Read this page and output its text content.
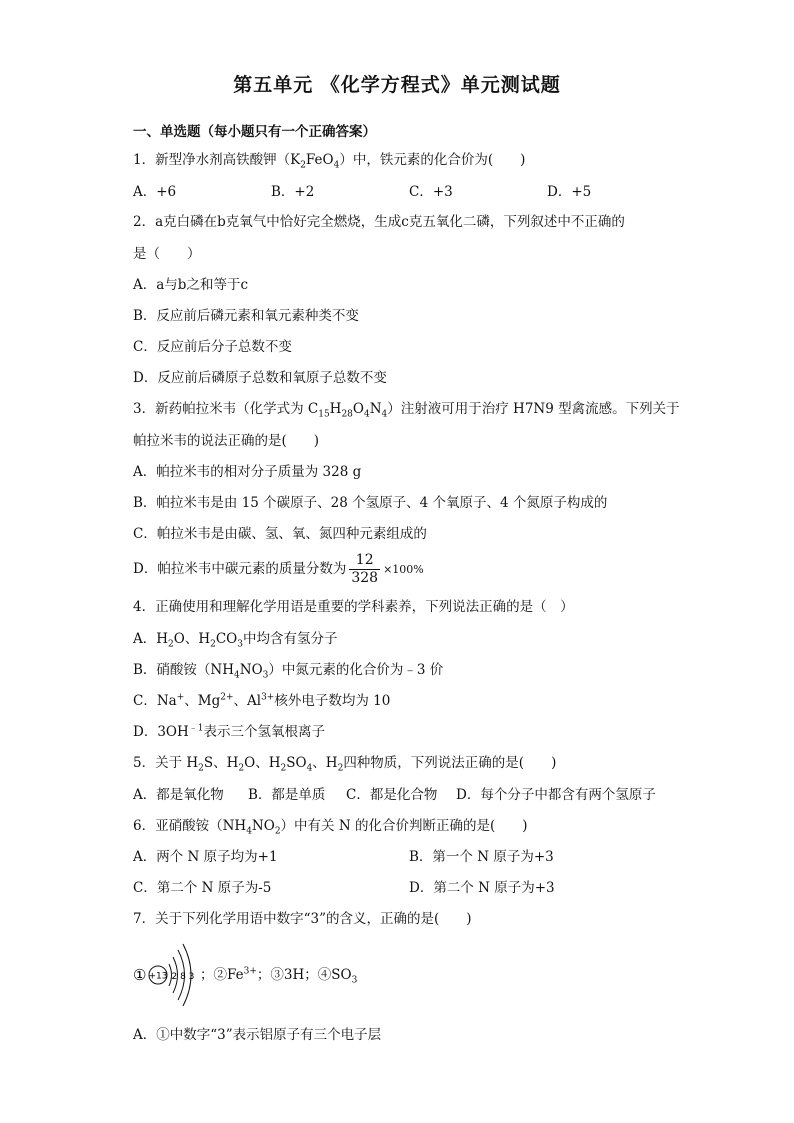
第五单元 《化学方程式》单元测试题
一、单选题（每小题只有一个正确答案）
1．新型净水剂高铁酸钾$(K_2FeO_4)$中，铁元素的化合价为(　　)
A．+6	B．+2	C．+3	D．+5
2．a克白磷在b克氧气中恰好完全燃烧，生成c克五氧化二磷，下列叙述中不正确的
是（　　）
A．a与b之和等于c
B．反应前后磷元素和氧元素种类不变
C．反应前后分子总数不变
D．反应前后磷原子总数和氧原子总数不变
3．新药帕拉米韦（化学式为 $C_{15}H_{28}O_4N_4$）注射液可用于治疗 H7N9 型禽流感。下列关于
帕拉米韦的说法正确的是(　　)
A．帕拉米韦的相对分子质量为 328 g
B．帕拉米韦是由 15 个碳原子、28 个氢原子、4 个氧原子、4 个氮原子构成的
C．帕拉米韦是由碳、氢、氧、氮四种元素组成的
D．帕拉米韦中碳元素的质量分数为 $\frac{12}{328} \times 100\%$
4．正确使用和理解化学用语是重要的学科素养，下列说法正确的是（　）
A．$H_2O$、$H_2CO_3$中均含有氢分子
B．硝酸铵$(NH_4NO_3)$中氮元素的化合价为﹣3 价
C．Na+、$Mg^{2+}$、$Al^{3+}$核外电子数均为 10
D．$3OH^{﹣1}$表示三个氢氧根离子
5．关于 $H_2S$、$H_2O$、$H_2SO_4$、$H_2$四种物质，下列说法正确的是(　　)
A．都是氧化物 B．都是单质 C．都是化合物 D．每个分子中都含有两个氢原子
6．亚硝酸铵$(NH_4NO_2)$中有关 N 的化合价判断正确的是(　　)
A．两个 N 原子均为+1	B．第一个 N 原子为+3
C．第二个 N 原子为-5	D．第二个 N 原子为+3
7．关于下列化学用语中数字“3”的含义，正确的是(　　)
① +13 2 8 3 ；$②Fe^{3+}$；③3H；$④SO_3$
A．①中数字“3”表示铝原子有三个电子层
